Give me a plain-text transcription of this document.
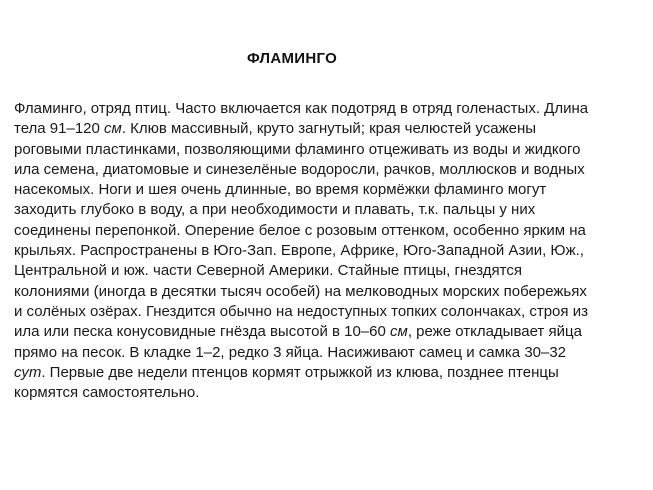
ФЛАМИНГО
Фламинго, отряд птиц. Часто включается как подотряд в отряд голенастых. Длина
тела 91–120 см. Клюв массивный, круто загнутый; края челюстей усажены
роговыми пластинками, позволяющими фламинго отцеживать из воды и жидкого
ила семена, диатомовые и синезелёные водоросли, рачков, моллюсков и водных
насекомых. Ноги и шея очень длинные, во время кормёжки фламинго могут
заходить глубоко в воду, а при необходимости и плавать, т.к. пальцы у них
соединены перепонкой. Оперение белое с розовым оттенком, особенно ярким на
крыльях. Распространены в Юго-Зап. Европе, Африке, Юго-Западной Азии, Юж.,
Центральной и юж. части Северной Америки. Стайные птицы, гнездятся
колониями (иногда в десятки тысяч особей) на мелководных морских побережьях
и солёных озёрах. Гнездится обычно на недоступных топких солончаках, строя из
ила или песка конусовидные гнёзда высотой в 10–60 см, реже откладывает яйца
прямо на песок. В кладке 1–2, редко 3 яйца. Насиживают самец и самка 30–32
сут. Первые две недели птенцов кормят отрыжкой из клюва, позднее птенцы
кормятся самостоятельно.
